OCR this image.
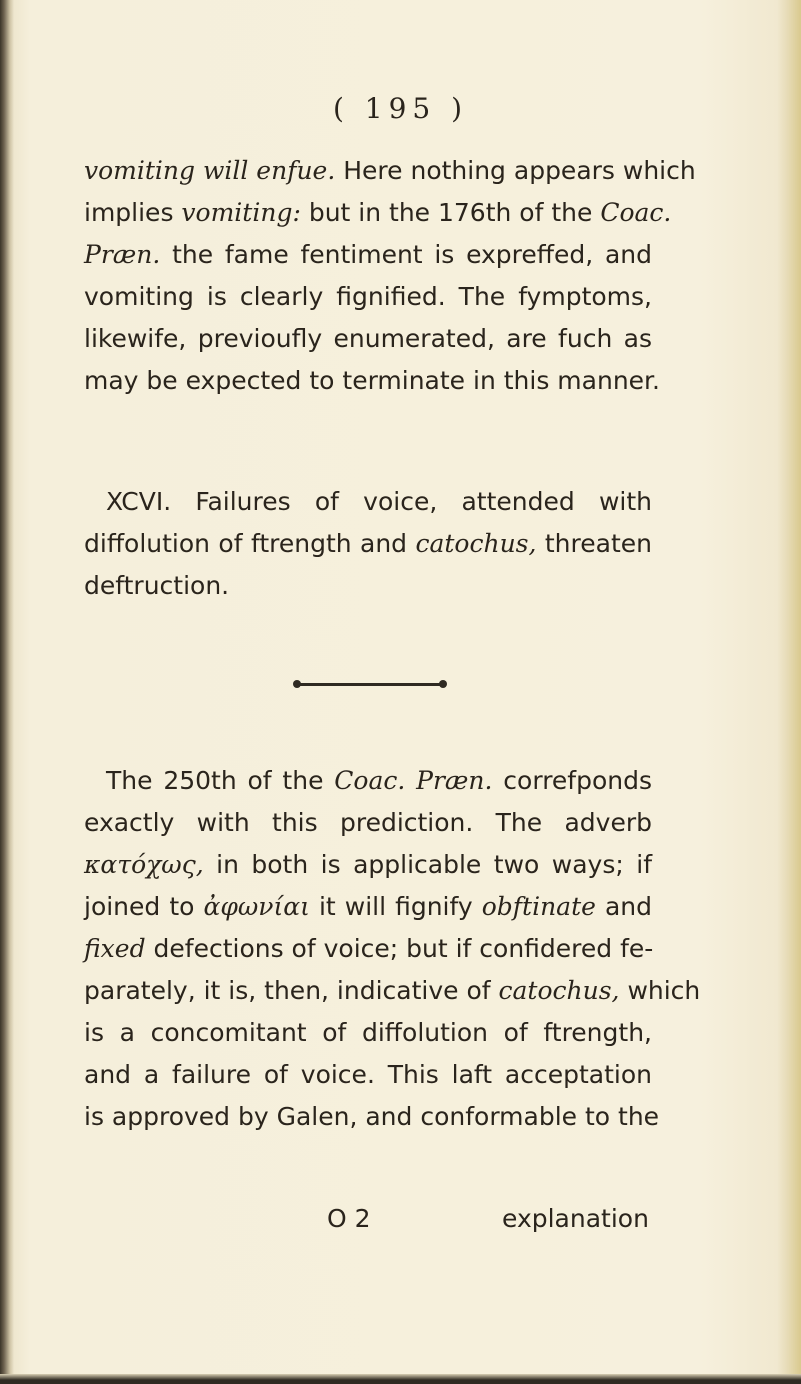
( 195 )
vomiting will enfue. Here nothing appears which
implies vomiting: but in the 176th of the Coac.
Præn. the fame fentiment is expreffed, and
vomiting is clearly fignified. The fymptoms,
likewife, previoufly enumerated, are fuch as
may be expected to terminate in this manner.
XCVI. Failures of voice, attended with
diffolution of ftrength and catochus, threaten
deftruction.
The 250th of the Coac. Præn. correfponds
exactly with this prediction. The adverb
κατόχως, in both is applicable two ways; if
joined to ἀφωνίαι it will fignify obftinate and
fixed defections of voice; but if confidered fe-
parately, it is, then, indicative of catochus, which
is a concomitant of diffolution of ftrength,
and a failure of voice. This laft acceptation
is approved by Galen, and conformable to the
O 2	explanation
